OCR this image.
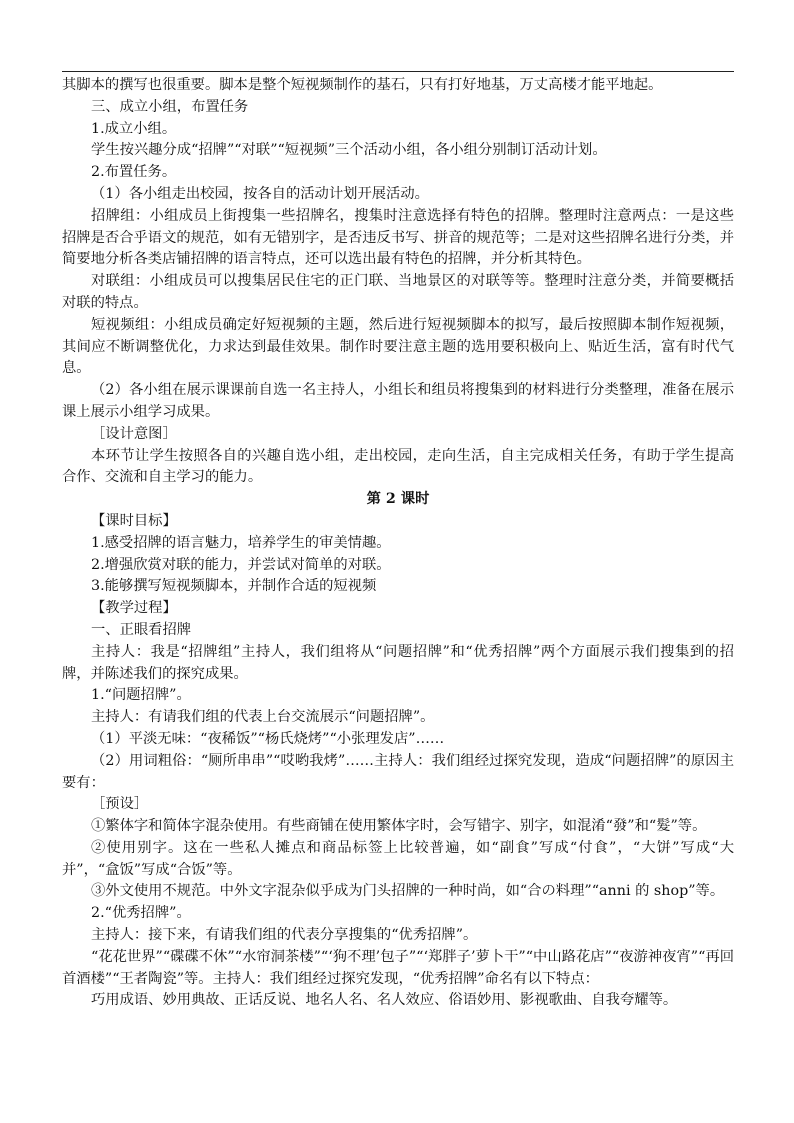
其脚本的撰写也很重要。脚本是整个短视频制作的基石，只有打好地基，万丈高楼才能平地起。

三、成立小组，布置任务

1.成立小组。

学生按兴趣分成“招牌”“对联”“短视频”三个活动小组，各小组分别制订活动计划。

2.布置任务。

（1）各小组走出校园，按各自的活动计划开展活动。

招牌组：小组成员上街搜集一些招牌名，搜集时注意选择有特色的招牌。整理时注意两点：一是这些招牌是否合乎语文的规范，如有无错别字，是否违反书写、拼音的规范等；二是对这些招牌名进行分类，并简要地分析各类店铺招牌的语言特点，还可以选出最有特色的招牌，并分析其特色。

对联组：小组成员可以搜集居民住宅的正门联、当地景区的对联等等。整理时注意分类，并简要概括对联的特点。

短视频组：小组成员确定好短视频的主题，然后进行短视频脚本的拟写，最后按照脚本制作短视频，其间应不断调整优化，力求达到最佳效果。制作时要注意主题的选用要积极向上、贴近生活，富有时代气息。

（2）各小组在展示课课前自选一名主持人，小组长和组员将搜集到的材料进行分类整理，准备在展示课上展示小组学习成果。

［设计意图］

本环节让学生按照各自的兴趣自选小组，走出校园，走向生活，自主完成相关任务，有助于学生提高合作、交流和自主学习的能力。

第 2 课时

【课时目标】

1.感受招牌的语言魅力，培养学生的审美情趣。

2.增强欣赏对联的能力，并尝试对简单的对联。

3.能够撰写短视频脚本，并制作合适的短视频

【教学过程】

一、正眼看招牌

主持人：我是“招牌组”主持人，我们组将从“问题招牌”和“优秀招牌”两个方面展示我们搜集到的招牌，并陈述我们的探究成果。

1.“问题招牌”。

主持人：有请我们组的代表上台交流展示“问题招牌”。

（1）平淡无味：“夜稀饭”“杨氏烧烤”“小张理发店”……

（2）用词粗俗：“厕所串串”“哎哟我烤”……主持人：我们组经过探究发现，造成“问题招牌”的原因主要有：

［预设］

①繁体字和简体字混杂使用。有些商铺在使用繁体字时，会写错字、别字，如混淆“發”和“髮”等。

②使用别字。这在一些私人摊点和商品标签上比较普遍，如“副食”写成“付食”，“大饼”写成“大并”，“盒饭”写成“合饭”等。

③外文使用不规范。中外文字混杂似乎成为门头招牌的一种时尚，如“合の料理”“anni 的 shop”等。

2.“优秀招牌”。

主持人：接下来，有请我们组的代表分享搜集的“优秀招牌”。

“花花世界”“碟碟不休”“水帘洞茶楼”“‘狗不理’包子”“‘郑胖子’萝卜干”“中山路花店”“夜游神夜宵”“再回首酒楼”“王者陶瓷”等。主持人：我们组经过探究发现，“优秀招牌”命名有以下特点：

巧用成语、妙用典故、正话反说、地名人名、名人效应、俗语妙用、影视歌曲、自我夸耀等。
